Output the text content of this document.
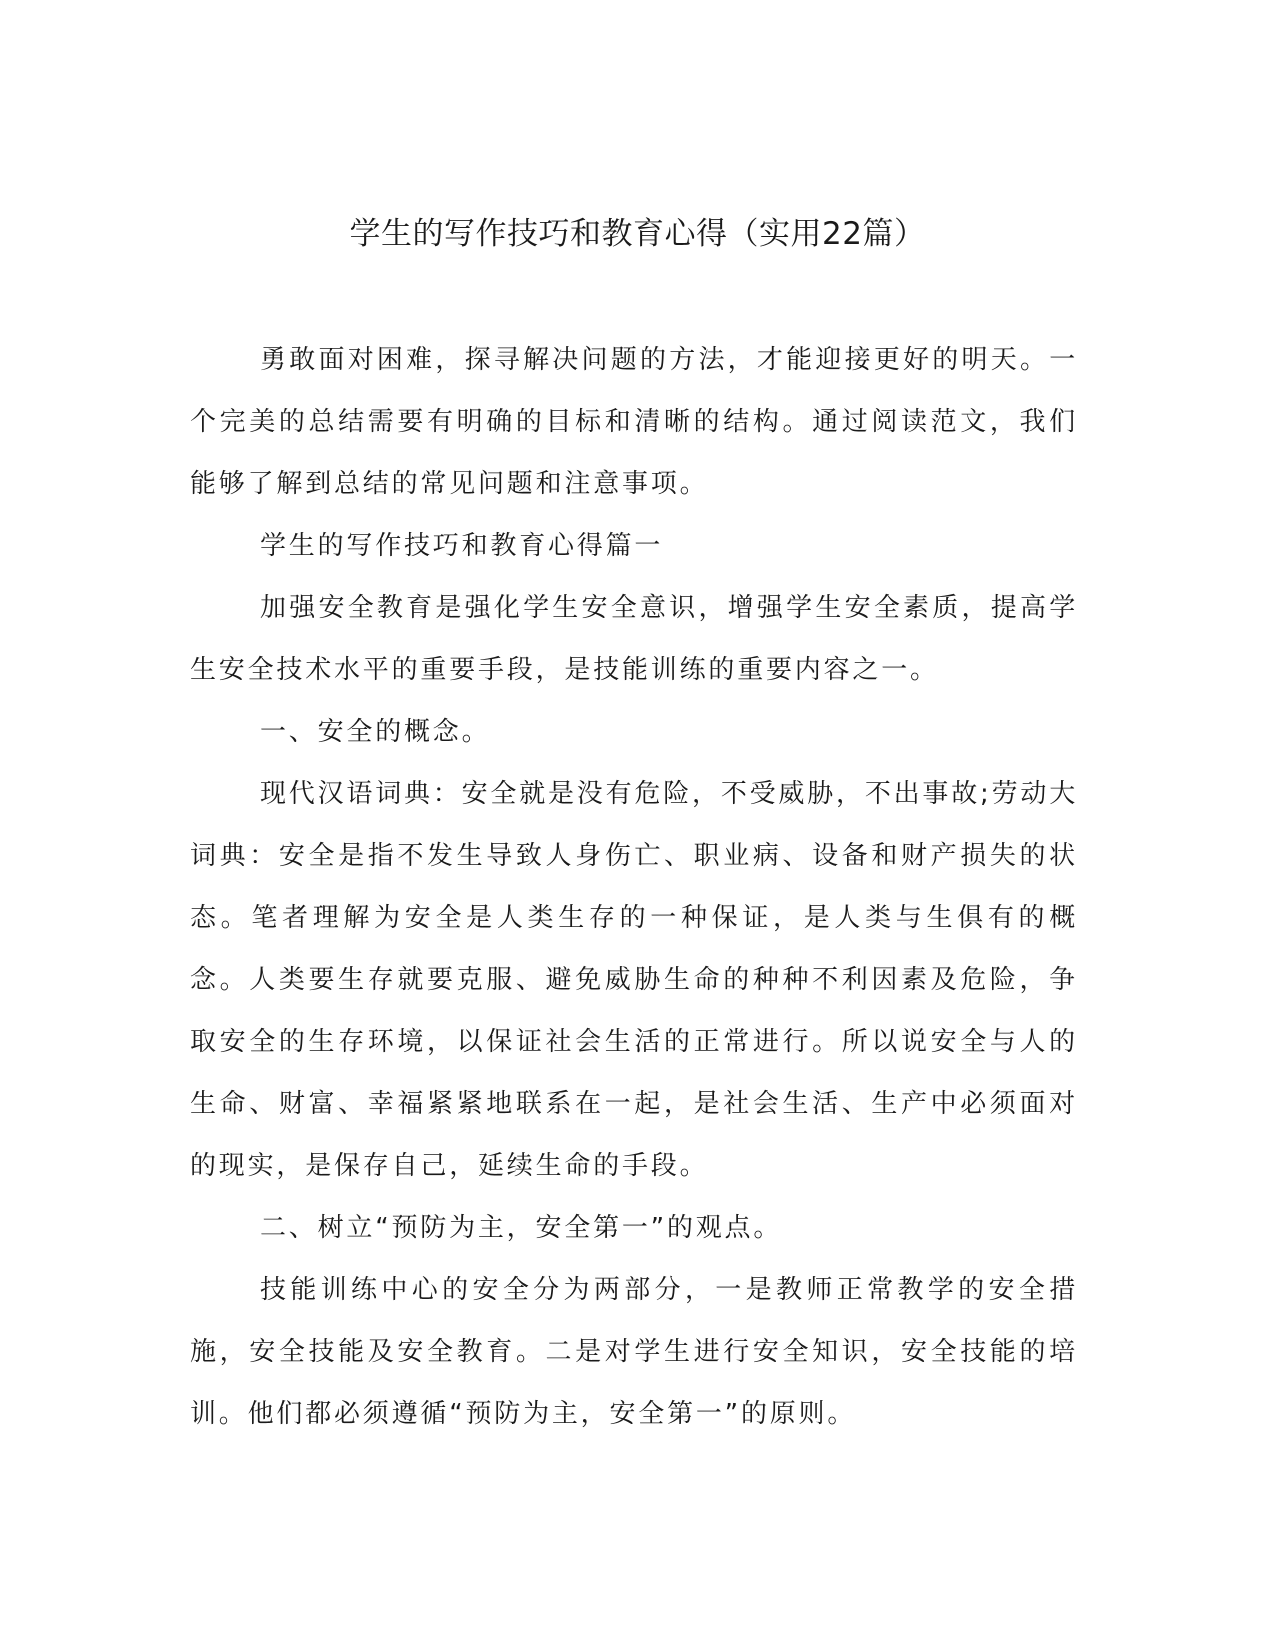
学生的写作技巧和教育心得（实用22篇）

勇敢面对困难，探寻解决问题的方法，才能迎接更好的明天。一个完美的总结需要有明确的目标和清晰的结构。通过阅读范文，我们能够了解到总结的常见问题和注意事项。

学生的写作技巧和教育心得篇一

加强安全教育是强化学生安全意识，增强学生安全素质，提高学生安全技术水平的重要手段，是技能训练的重要内容之一。

一、安全的概念。

现代汉语词典：安全就是没有危险，不受威胁，不出事故;劳动大词典：安全是指不发生导致人身伤亡、职业病、设备和财产损失的状态。笔者理解为安全是人类生存的一种保证，是人类与生俱有的概念。人类要生存就要克服、避免威胁生命的种种不利因素及危险，争取安全的生存环境，以保证社会生活的正常进行。所以说安全与人的生命、财富、幸福紧紧地联系在一起，是社会生活、生产中必须面对的现实，是保存自己，延续生命的手段。

二、树立“预防为主，安全第一”的观点。

技能训练中心的安全分为两部分，一是教师正常教学的安全措施，安全技能及安全教育。二是对学生进行安全知识，安全技能的培训。他们都必须遵循“预防为主，安全第一”的原则。
